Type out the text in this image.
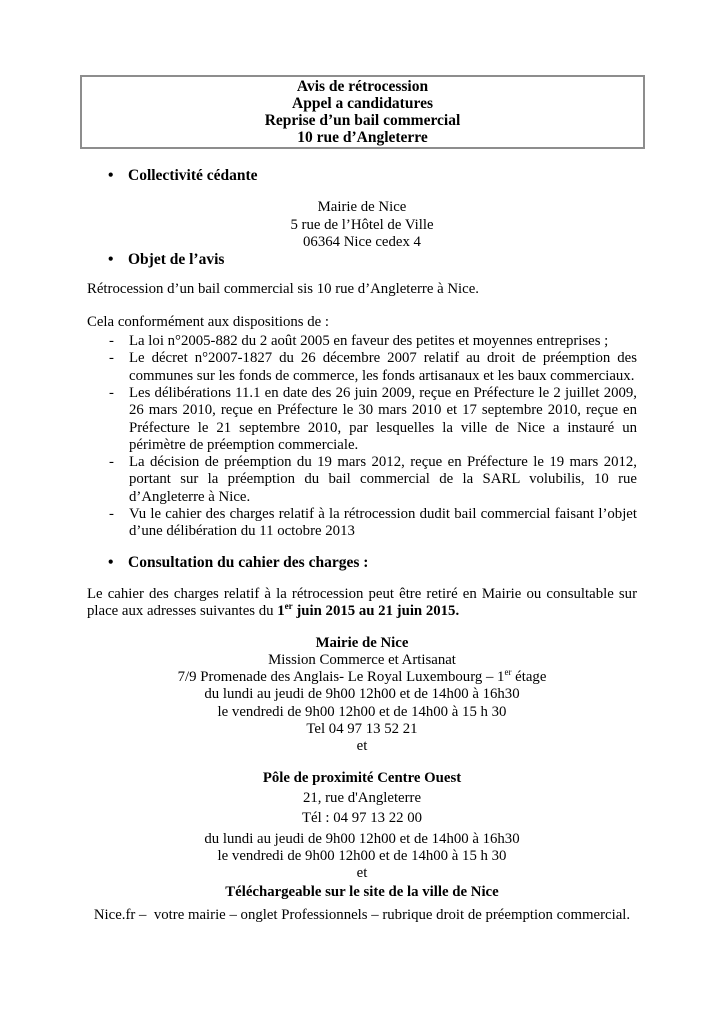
Avis de rétrocession
Appel a candidatures
Reprise d’un bail commercial
10 rue d’Angleterre
• Collectivité cédante
Mairie de Nice
5 rue de l’Hôtel de Ville
06364 Nice cedex 4
• Objet de l’avis
Rétrocession d’un bail commercial sis 10 rue d’Angleterre à Nice.
Cela conformément aux dispositions de :
- La loi n°2005-882 du 2 août 2005 en faveur des petites et moyennes entreprises ;
- Le décret n°2007-1827 du 26 décembre 2007 relatif au droit de préemption des communes sur les fonds de commerce, les fonds artisanaux et les baux commerciaux.
- Les délibérations 11.1 en date des 26 juin 2009, reçue en Préfecture le 2 juillet 2009, 26 mars 2010, reçue en Préfecture le 30 mars 2010 et 17 septembre 2010, reçue en Préfecture le 21 septembre 2010, par lesquelles la ville de Nice a instauré un périmètre de préemption commerciale.
- La décision de préemption du 19 mars 2012, reçue en Préfecture le 19 mars 2012, portant sur la préemption du bail commercial de la SARL volubilis, 10 rue d’Angleterre à Nice.
- Vu le cahier des charges relatif à la rétrocession dudit bail commercial faisant l’objet d’une délibération du 11 octobre 2013
• Consultation du cahier des charges :
Le cahier des charges relatif à la rétrocession peut être retiré en Mairie ou consultable sur place aux adresses suivantes du 1er juin 2015 au 21 juin 2015.
Mairie de Nice
Mission Commerce et Artisanat
7/9 Promenade des Anglais- Le Royal Luxembourg – 1er étage
du lundi au jeudi de 9h00 12h00 et de 14h00 à 16h30
le vendredi de 9h00 12h00 et de 14h00 à 15 h 30
Tel 04 97 13 52 21
et
Pôle de proximité Centre Ouest
21, rue d'Angleterre
Tél : 04 97 13 22 00
du lundi au jeudi de 9h00 12h00 et de 14h00 à 16h30
le vendredi de 9h00 12h00 et de 14h00 à 15 h 30
et
Téléchargeable sur le site de la ville de Nice
Nice.fr –  votre mairie – onglet Professionnels – rubrique droit de préemption commercial.
